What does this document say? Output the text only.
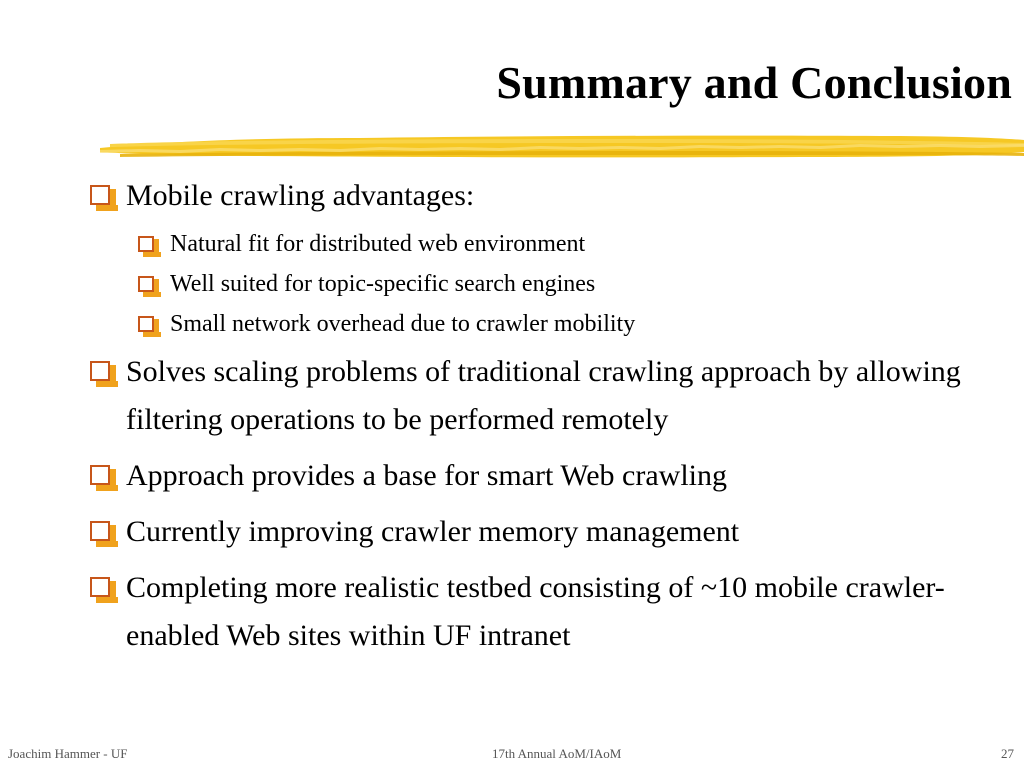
Summary and Conclusion
Mobile crawling advantages:
Natural fit for distributed web environment
Well suited for topic-specific search engines
Small network overhead due to crawler mobility
Solves scaling problems of traditional crawling approach by allowing filtering operations to be performed remotely
Approach provides a base for smart Web crawling
Currently improving crawler memory management
Completing more realistic testbed consisting of ~10 mobile crawler-enabled Web sites within UF intranet
Joachim Hammer - UF	17th Annual AoM/IAoM	27
